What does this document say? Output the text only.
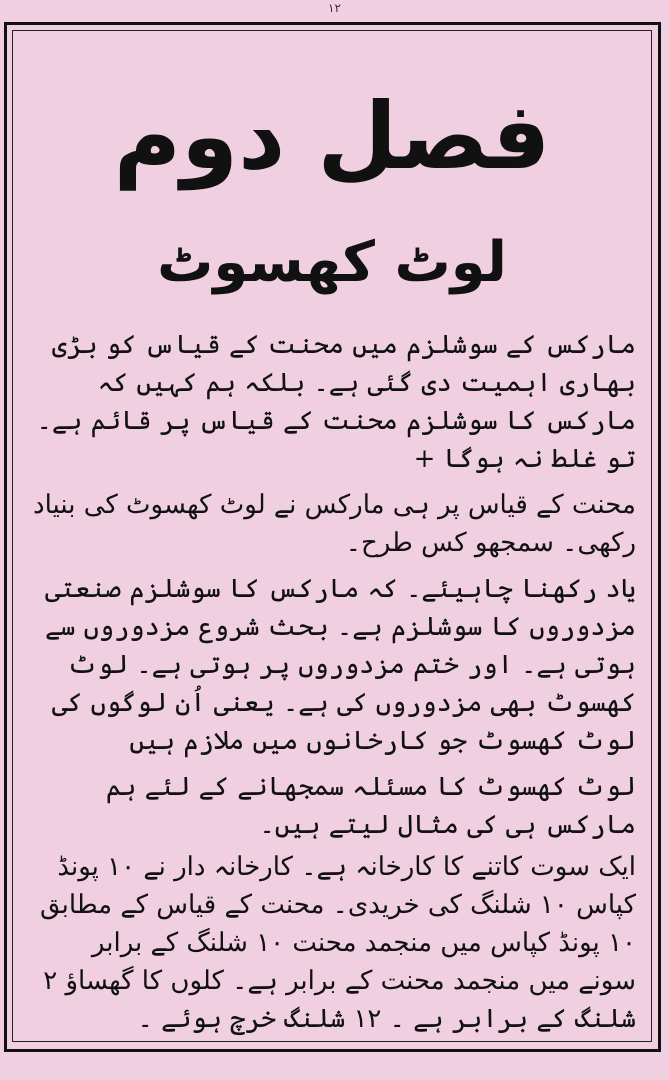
۱۲
فصل دوم
لوٹ کھسوٹ

مارکس کے سوشلزم میں محنت کے قیاس کو بڑی بھاری اہمیت دی گئی ہے۔ بلکہ ہم کہیں کہ مارکس کا سوشلزم محنت کے قیاس پر قائم ہے۔ تو غلط نہ ہوگا +

محنت کے قیاس پر ہی مارکس نے لوٹ کھسوٹ کی بنیاد رکھی۔ سمجھو کس طرح۔

یاد رکھنا چاہیئے۔ کہ مارکس کا سوشلزم صنعتی مزدوروں کا سوشلزم ہے۔ بحث شروع مزدوروں سے ہوتی ہے۔ اور ختم مزدوروں پر ہوتی ہے۔ لوٹ کھسوٹ بھی مزدوروں کی ہے۔ یعنی اُن لوگوں کی لوٹ کھسوٹ جو کارخانوں میں ملازم ہیں

لوٹ کھسوٹ کا مسئلہ سمجھانے کے لئے ہم مارکس ہی کی مثال لیتے ہیں۔

ایک سوت کاتنے کا کارخانہ ہے۔ کارخانہ دار نے ۱۰ پونڈ کپاس ۱۰ شلنگ کی خریدی۔ محنت کے قیاس کے مطابق ۱۰ پونڈ کپاس میں منجمد محنت ۱۰ شلنگ کے برابر سونے میں منجمد محنت کے برابر ہے۔ کلوں کا گھساؤ ۲ شلنگ کے برابر ہے ۔ ۱۲ شلنگ خرچ ہوئے ۔
